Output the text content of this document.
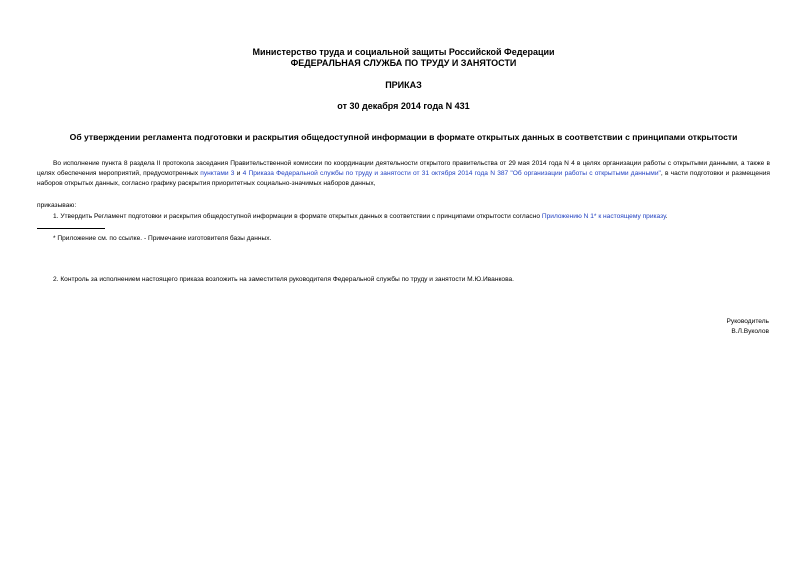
Министерство труда и социальной защиты Российской Федерации
ФЕДЕРАЛЬНАЯ СЛУЖБА ПО ТРУДУ И ЗАНЯТОСТИ
ПРИКАЗ
от 30 декабря 2014 года N 431
Об утверждении регламента подготовки и раскрытия общедоступной информации в формате открытых данных в соответствии с принципами открытости
Во исполнение пункта 8 раздела II протокола заседания Правительственной комиссии по координации деятельности открытого правительства от 29 мая 2014 года N 4 в целях организации работы с открытыми данными, а также в целях обеспечения мероприятий, предусмотренных пунктами 3 и 4 Приказа Федеральной службы по труду и занятости от 31 октября 2014 года N 387 "Об организации работы с открытыми данными", в части подготовки и размещения наборов открытых данных, согласно графику раскрытия приоритетных социально-значимых наборов данных,
приказываю:
1. Утвердить Регламент подготовки и раскрытия общедоступной информации в формате открытых данных в соответствии с принципами открытости согласно Приложению N 1* к настоящему приказу.
* Приложение см. по ссылке. - Примечание изготовителя базы данных.
2. Контроль за исполнением настоящего приказа возложить на заместителя руководителя Федеральной службы по труду и занятости М.Ю.Иванкова.
Руководитель
В.Л.Вуколов
